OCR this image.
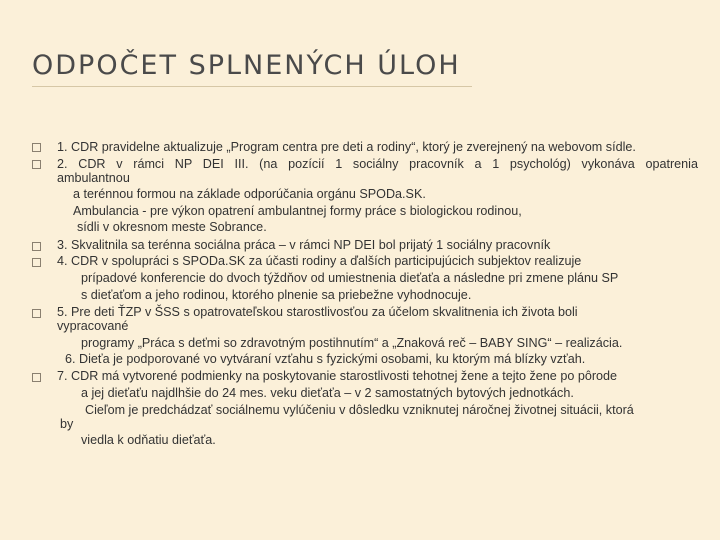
ODPOČET SPLNENÝCH ÚLOH
1. CDR pravidelne aktualizuje „Program centra pre deti a rodiny“, ktorý je zverejnený na webovom sídle.
2. CDR v rámci NP DEI III. (na pozícií 1 sociálny pracovník a 1 psychológ) vykonáva opatrenia
ambulantnou
a terénnou formou na základe odporúčania orgánu SPODa.SK.
Ambulancia - pre výkon opatrení ambulantnej formy práce s biologickou rodinou,
sídli v okresnom meste Sobrance.
3. Skvalitnila sa terénna sociálna práca – v rámci NP DEI bol prijatý 1 sociálny pracovník
4. CDR v spolupráci s SPODa.SK za účasti rodiny a ďalších participujúcich subjektov realizuje
prípadové konferencie do dvoch týždňov od umiestnenia dieťaťa a následne pri zmene plánu SP
s dieťaťom a jeho rodinou, ktorého plnenie sa priebežne vyhodnocuje.
5. Pre deti ŤZP v ŠSS s opatrovateľskou starostlivosťou za účelom skvalitnenia ich života boli
vypracované
programy „Práca s deťmi so zdravotným postihnutím“ a „Znaková reč – BABY SING“ – realizácia.
6. Dieťa je podporované vo vytváraní vzťahu s fyzickými osobami, ku ktorým má blízky vzťah.
7. CDR má vytvorené podmienky na poskytovanie starostlivosti tehotnej žene a tejto žene po pôrode
a jej dieťaťu najdlhšie do 24 mes. veku dieťaťa – v 2 samostatných bytových jednotkách.
Cieľom je predchádzať sociálnemu vylúčeniu v dôsledku vzniknutej náročnej životnej situácii, ktorá
by
viedla k odňatiu dieťaťa.
